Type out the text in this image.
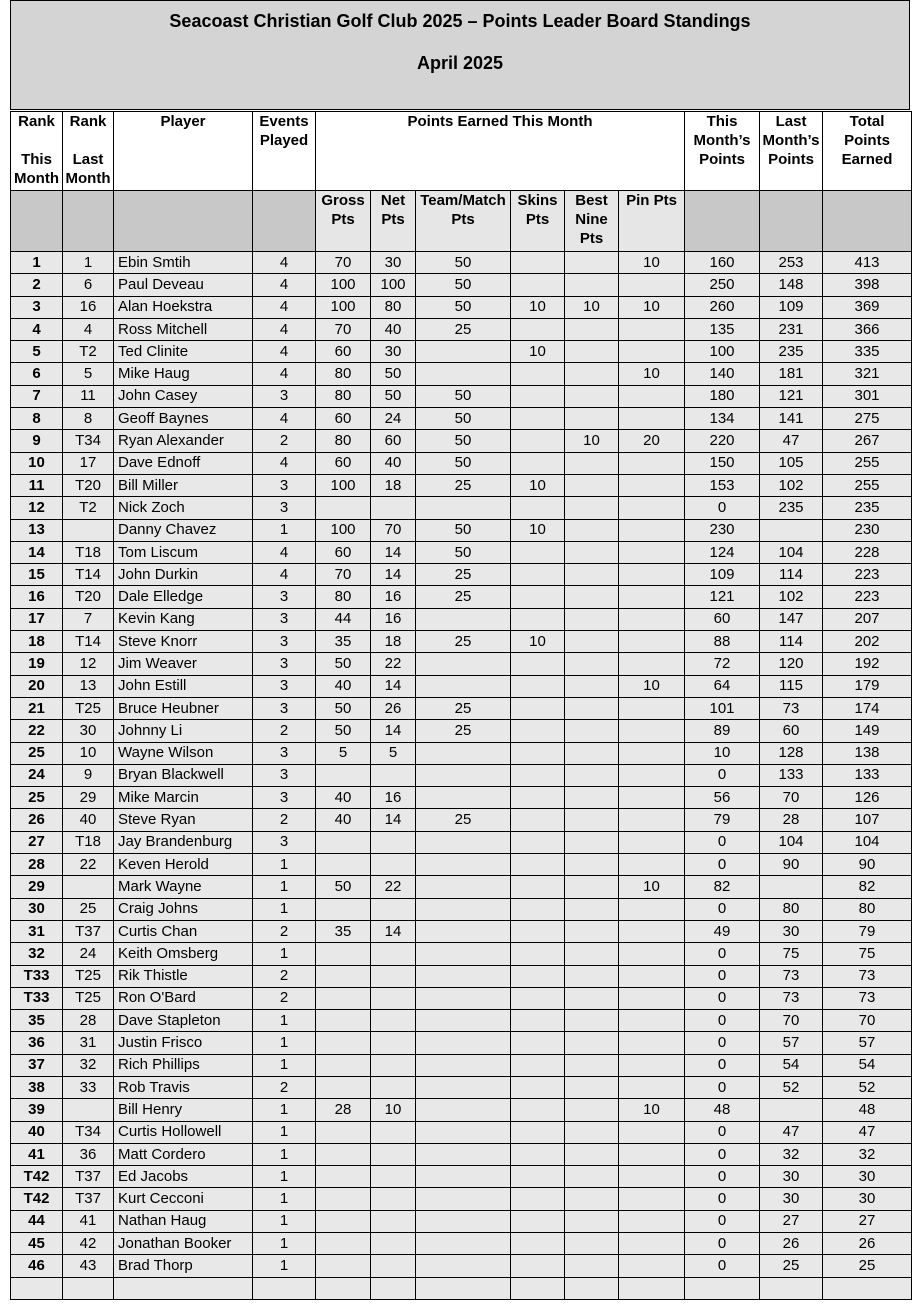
Seacoast Christian Golf Club 2025 – Points Leader Board Standings
April 2025
Rank

This
Month	Rank

Last
Month	Player	Events
Played	Points Earned This Month						This
Month’s
Points	Last
Month’s
Points	Total
Points
Earned
				Gross
Pts	Net
Pts	Team/Match
Pts	Skins
Pts	Best
Nine
Pts	Pin Pts			
1	1	Ebin Smtih	4	70	30	50			10	160	253	413
2	6	Paul Deveau	4	100	100	50				250	148	398
3	16	Alan Hoekstra	4	100	80	50	10	10	10	260	109	369
4	4	Ross Mitchell	4	70	40	25				135	231	366
5	T2	Ted Clinite	4	60	30		10			100	235	335
6	5	Mike Haug	4	80	50				10	140	181	321
7	11	John Casey	3	80	50	50				180	121	301
8	8	Geoff Baynes	4	60	24	50				134	141	275
9	T34	Ryan Alexander	2	80	60	50		10	20	220	47	267
10	17	Dave Ednoff	4	60	40	50				150	105	255
11	T20	Bill Miller	3	100	18	25	10			153	102	255
12	T2	Nick Zoch	3							0	235	235
13		Danny Chavez	1	100	70	50	10			230		230
14	T18	Tom Liscum	4	60	14	50				124	104	228
15	T14	John Durkin	4	70	14	25				109	114	223
16	T20	Dale Elledge	3	80	16	25				121	102	223
17	7	Kevin Kang	3	44	16					60	147	207
18	T14	Steve Knorr	3	35	18	25	10			88	114	202
19	12	Jim Weaver	3	50	22					72	120	192
20	13	John Estill	3	40	14				10	64	115	179
21	T25	Bruce Heubner	3	50	26	25				101	73	174
22	30	Johnny Li	2	50	14	25				89	60	149
25	10	Wayne Wilson	3	5	5					10	128	138
24	9	Bryan Blackwell	3							0	133	133
25	29	Mike Marcin	3	40	16					56	70	126
26	40	Steve Ryan	2	40	14	25				79	28	107
27	T18	Jay Brandenburg	3							0	104	104
28	22	Keven Herold	1							0	90	90
29		Mark Wayne	1	50	22				10	82		82
30	25	Craig Johns	1							0	80	80
31	T37	Curtis Chan	2	35	14					49	30	79
32	24	Keith Omsberg	1							0	75	75
T33	T25	Rik Thistle	2							0	73	73
T33	T25	Ron O'Bard	2							0	73	73
35	28	Dave Stapleton	1							0	70	70
36	31	Justin Frisco	1							0	57	57
37	32	Rich Phillips	1							0	54	54
38	33	Rob Travis	2							0	52	52
39		Bill Henry	1	28	10				10	48		48
40	T34	Curtis Hollowell	1							0	47	47
41	36	Matt Cordero	1							0	32	32
T42	T37	Ed Jacobs	1							0	30	30
T42	T37	Kurt Cecconi	1							0	30	30
44	41	Nathan Haug	1							0	27	27
45	42	Jonathan Booker	1							0	26	26
46	43	Brad Thorp	1							0	25	25
